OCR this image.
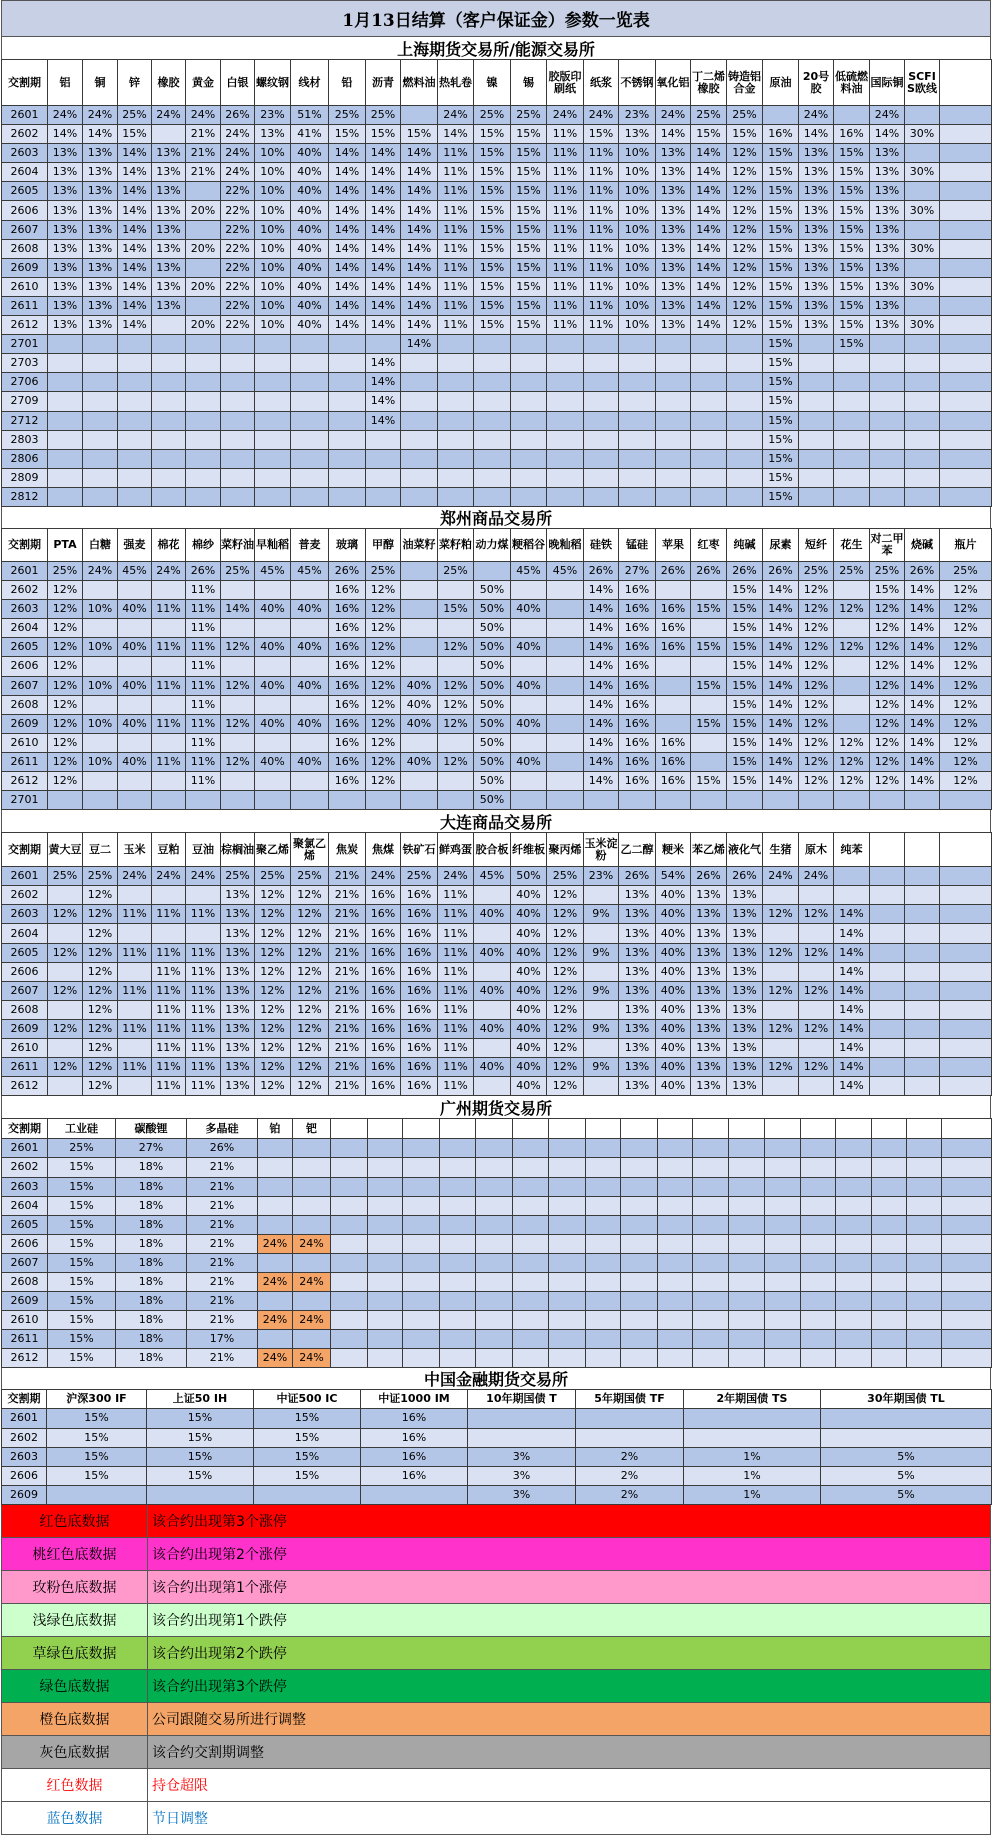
1月13日结算（客户保证金）参数一览表
上海期货交易所/能源交易所
交割期	铝	铜	锌	橡胶	黄金	白银	螺纹钢	线材	铅	沥青	燃料油	热轧卷	镍	锡	胶版印刷纸	纸浆	不锈钢	氧化铝	丁二烯橡胶	铸造铝合金	原油	20号胶	低硫燃料油	国际铜	SCFIS欧线	
2601	24%	24%	25%	24%	24%	26%	23%	51%	25%	25%		24%	25%	25%	24%	24%	23%	24%	25%	25%		24%		24%		
2602	14%	14%	15%		21%	24%	13%	41%	15%	15%	15%	14%	15%	15%	11%	15%	13%	14%	15%	15%	16%	14%	16%	14%	30%	
2603	13%	13%	14%	13%	21%	24%	10%	40%	14%	14%	14%	11%	15%	15%	11%	11%	10%	13%	14%	12%	15%	13%	15%	13%		
2604	13%	13%	14%	13%	21%	24%	10%	40%	14%	14%	14%	11%	15%	15%	11%	11%	10%	13%	14%	12%	15%	13%	15%	13%	30%	
2605	13%	13%	14%	13%		22%	10%	40%	14%	14%	14%	11%	15%	15%	11%	11%	10%	13%	14%	12%	15%	13%	15%	13%		
2606	13%	13%	14%	13%	20%	22%	10%	40%	14%	14%	14%	11%	15%	15%	11%	11%	10%	13%	14%	12%	15%	13%	15%	13%	30%	
2607	13%	13%	14%	13%		22%	10%	40%	14%	14%	14%	11%	15%	15%	11%	11%	10%	13%	14%	12%	15%	13%	15%	13%		
2608	13%	13%	14%	13%	20%	22%	10%	40%	14%	14%	14%	11%	15%	15%	11%	11%	10%	13%	14%	12%	15%	13%	15%	13%	30%	
2609	13%	13%	14%	13%		22%	10%	40%	14%	14%	14%	11%	15%	15%	11%	11%	10%	13%	14%	12%	15%	13%	15%	13%		
2610	13%	13%	14%	13%	20%	22%	10%	40%	14%	14%	14%	11%	15%	15%	11%	11%	10%	13%	14%	12%	15%	13%	15%	13%	30%	
2611	13%	13%	14%	13%		22%	10%	40%	14%	14%	14%	11%	15%	15%	11%	11%	10%	13%	14%	12%	15%	13%	15%	13%		
2612	13%	13%	14%		20%	22%	10%	40%	14%	14%	14%	11%	15%	15%	11%	11%	10%	13%	14%	12%	15%	13%	15%	13%	30%	
2701											14%										15%		15%			
2703										14%											15%					
2706										14%											15%					
2709										14%											15%					
2712										14%											15%					
2803																					15%					
2806																					15%					
2809																					15%					
2812																					15%					
郑州商品交易所
交割期	PTA	白糖	强麦	棉花	棉纱	菜籽油	早籼稻	普麦	玻璃	甲醇	油菜籽	菜籽粕	动力煤	粳稻谷	晚籼稻	硅铁	锰硅	苹果	红枣	纯碱	尿素	短纤	花生	对二甲苯	烧碱	瓶片
2601	25%	24%	45%	24%	26%	25%	45%	45%	26%	25%		25%		45%	45%	26%	27%	26%	26%	26%	26%	25%	25%	25%	26%	25%
2602	12%				11%				16%	12%			50%			14%	16%			15%	14%	12%		15%	14%	12%
2603	12%	10%	40%	11%	11%	14%	40%	40%	16%	12%		15%	50%	40%		14%	16%	16%	15%	15%	14%	12%	12%	12%	14%	12%
2604	12%				11%				16%	12%			50%			14%	16%	16%		15%	14%	12%		12%	14%	12%
2605	12%	10%	40%	11%	11%	12%	40%	40%	16%	12%		12%	50%	40%		14%	16%	16%	15%	15%	14%	12%	12%	12%	14%	12%
2606	12%				11%				16%	12%			50%			14%	16%			15%	14%	12%		12%	14%	12%
2607	12%	10%	40%	11%	11%	12%	40%	40%	16%	12%	40%	12%	50%	40%		14%	16%		15%	15%	14%	12%		12%	14%	12%
2608	12%				11%				16%	12%	40%	12%	50%			14%	16%			15%	14%	12%		12%	14%	12%
2609	12%	10%	40%	11%	11%	12%	40%	40%	16%	12%	40%	12%	50%	40%		14%	16%		15%	15%	14%	12%		12%	14%	12%
2610	12%				11%				16%	12%			50%			14%	16%	16%		15%	14%	12%	12%	12%	14%	12%
2611	12%	10%	40%	11%	11%	12%	40%	40%	16%	12%	40%	12%	50%	40%		14%	16%	16%		15%	14%	12%	12%	12%	14%	12%
2612	12%				11%				16%	12%			50%			14%	16%	16%	15%	15%	14%	12%	12%	12%	14%	12%
2701													50%													
大连商品交易所
交割期	黄大豆	豆二	玉米	豆粕	豆油	棕榈油	聚乙烯	聚氯乙烯	焦炭	焦煤	铁矿石	鲜鸡蛋	胶合板	纤维板	聚丙烯	玉米淀粉	乙二醇	粳米	苯乙烯	液化气	生猪	原木	纯苯			
2601	25%	25%	24%	24%	24%	25%	25%	25%	21%	24%	25%	24%	45%	50%	25%	23%	26%	54%	26%	26%	24%	24%				
2602		12%				13%	12%	12%	21%	16%	16%	11%		40%	12%		13%	40%	13%	13%						
2603	12%	12%	11%	11%	11%	13%	12%	12%	21%	16%	16%	11%	40%	40%	12%	9%	13%	40%	13%	13%	12%	12%	14%			
2604		12%				13%	12%	12%	21%	16%	16%	11%		40%	12%		13%	40%	13%	13%			14%			
2605	12%	12%	11%	11%	11%	13%	12%	12%	21%	16%	16%	11%	40%	40%	12%	9%	13%	40%	13%	13%	12%	12%	14%			
2606		12%		11%	11%	13%	12%	12%	21%	16%	16%	11%		40%	12%		13%	40%	13%	13%			14%			
2607	12%	12%	11%	11%	11%	13%	12%	12%	21%	16%	16%	11%	40%	40%	12%	9%	13%	40%	13%	13%	12%	12%	14%			
2608		12%		11%	11%	13%	12%	12%	21%	16%	16%	11%		40%	12%		13%	40%	13%	13%			14%			
2609	12%	12%	11%	11%	11%	13%	12%	12%	21%	16%	16%	11%	40%	40%	12%	9%	13%	40%	13%	13%	12%	12%	14%			
2610		12%		11%	11%	13%	12%	12%	21%	16%	16%	11%		40%	12%		13%	40%	13%	13%			14%			
2611	12%	12%	11%	11%	11%	13%	12%	12%	21%	16%	16%	11%	40%	40%	12%	9%	13%	40%	13%	13%	12%	12%	14%			
2612		12%		11%	11%	13%	12%	12%	21%	16%	16%	11%		40%	12%		13%	40%	13%	13%			14%			
广州期货交易所
交割期	工业硅	碳酸锂	多晶硅	铂	钯																		
2601	25%	27%	26%																				
2602	15%	18%	21%																				
2603	15%	18%	21%																				
2604	15%	18%	21%																				
2605	15%	18%	21%																				
2606	15%	18%	21%	24%	24%																		
2607	15%	18%	21%																				
2608	15%	18%	21%	24%	24%																		
2609	15%	18%	21%																				
2610	15%	18%	21%	24%	24%																		
2611	15%	18%	17%																				
2612	15%	18%	21%	24%	24%																		
中国金融期货交易所
交割期	沪深300 IF	上证50 IH	中证500 IC	中证1000 IM	10年期国债 T	5年期国债 TF	2年期国债 TS	30年期国债 TL
2601	15%	15%	15%	16%				
2602	15%	15%	15%	16%				
2603	15%	15%	15%	16%	3%	2%	1%	5%
2606	15%	15%	15%	16%	3%	2%	1%	5%
2609					3%	2%	1%	5%
红色底数据	该合约出现第3个涨停
桃红色底数据	该合约出现第2个涨停
玫粉色底数据	该合约出现第1个涨停
浅绿色底数据	该合约出现第1个跌停
草绿色底数据	该合约出现第2个跌停
绿色底数据	该合约出现第3个跌停
橙色底数据	公司跟随交易所进行调整
灰色底数据	该合约交割期调整
红色数据	持仓超限
蓝色数据	节日调整
